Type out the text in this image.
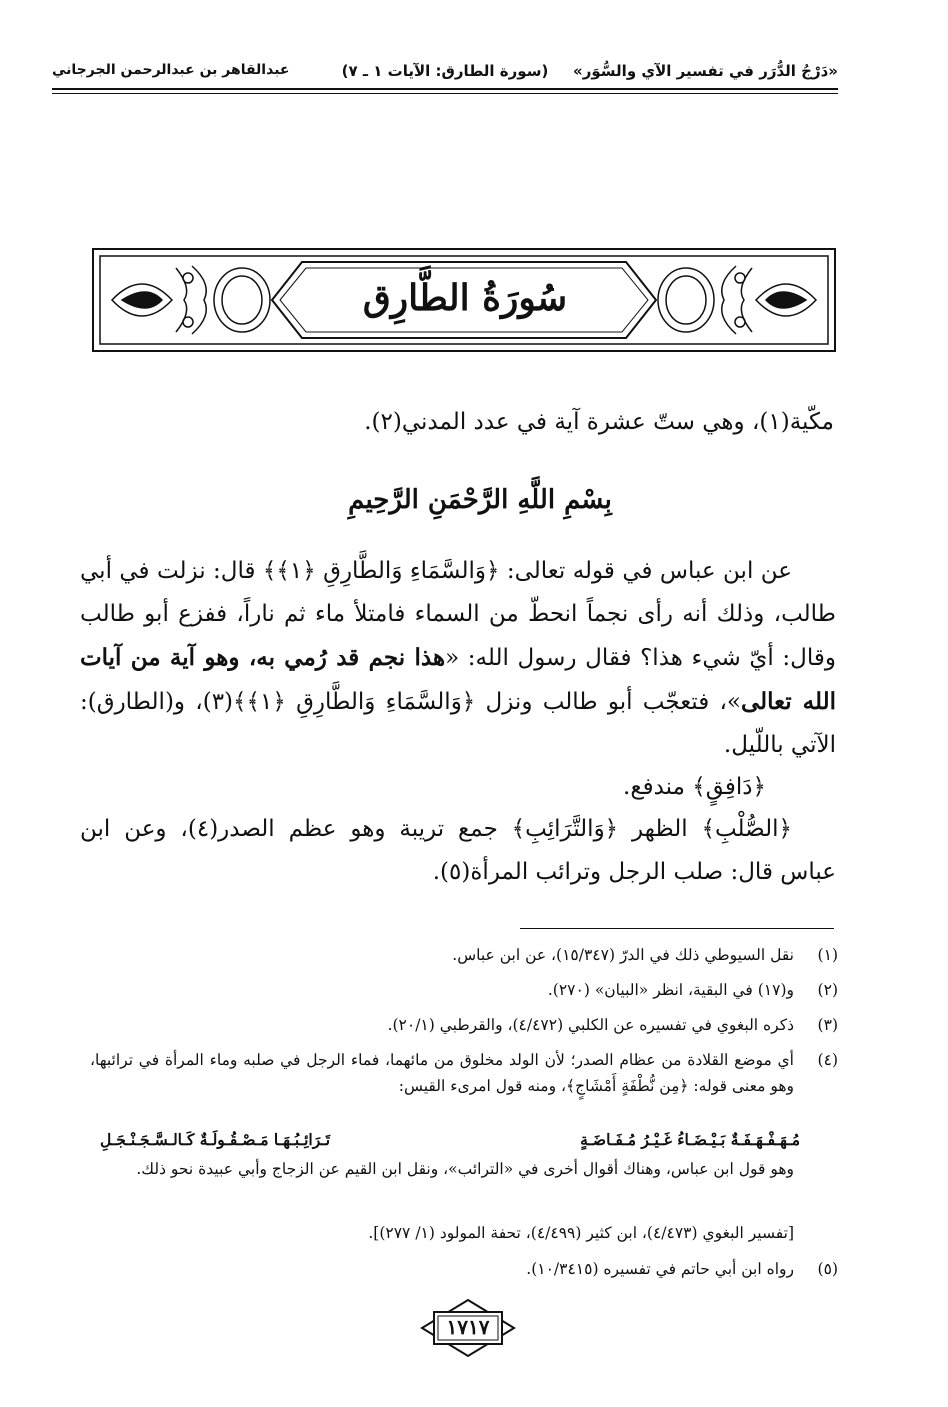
«دَرْجُ الدُّرَر في تفسير الآي والسُّوَر»
(سورة الطارق: الآيات ١ ـ ٧)
عبدالقاهر بن عبدالرحمن الجرجاني
سُورَةُ الطَّارِق
مكّية(١)، وهي ستّ عشرة آية في عدد المدني(٢).
بِسْمِ اللَّهِ الرَّحْمَنِ الرَّحِيمِ
عن ابن عباس في قوله تعالى: ﴿وَالسَّمَاءِ وَالطَّارِقِ ﴿١﴾﴾ قال: نزلت في أبي طالب، وذلك أنه رأى نجماً انحطّ من السماء فامتلأ ماء ثم ناراً، ففزع أبو طالب وقال: أيّ شيء هذا؟ فقال رسول الله: «هذا نجم قد رُمي به، وهو آية من آيات الله تعالى»، فتعجّب أبو طالب ونزل ﴿وَالسَّمَاءِ وَالطَّارِقِ ﴿١﴾﴾(٣)، و(الطارق): الآتي باللّيل.
﴿دَافِقٍ﴾ مندفع.
﴿الصُّلْبِ﴾ الظهر ﴿وَالتَّرَائِبِ﴾ جمع تريبة وهو عظم الصدر(٤)، وعن ابن عباس قال: صلب الرجل وترائب المرأة(٥).
(١)
نقل السيوطي ذلك في الدرّ (١٥/٣٤٧)، عن ابن عباس.
(٢)
و(١٧) في البقية، انظر «البيان» (٢٧٠).
(٣)
ذكره البغوي في تفسيره عن الكلبي (٤/٤٧٢)، والقرطبي (٢٠/١).
(٤)
أي موضع القلادة من عظام الصدر؛ لأن الولد مخلوق من مائهما، فماء الرجل في صلبه وماء المرأة في ترائبها، وهو معنى قوله: ﴿مِن نُّطْفَةٍ أَمْشَاجٍ﴾، ومنه قول امرىء القيس:
مُـهَـفْـهَـفَـةٌ بَـيْـضَـاءُ غَـيْـرُ مُـفَـاضَـةٍ
تَـرَائِـبُـهَـا مَـصْـقُـولَـةٌ كَـالـسَّـجَـنْـجَـلِ
وهو قول ابن عباس، وهناك أقوال أخرى في «الترائب»، ونقل ابن القيم عن الزجاج وأبي عبيدة نحو ذلك.
[تفسير البغوي (٤/٤٧٣)، ابن كثير (٤/٤٩٩)، تحفة المولود (١/ ٢٧٧)].
(٥)
رواه ابن أبي حاتم في تفسيره (١٠/٣٤١٥).
١٧١٧
